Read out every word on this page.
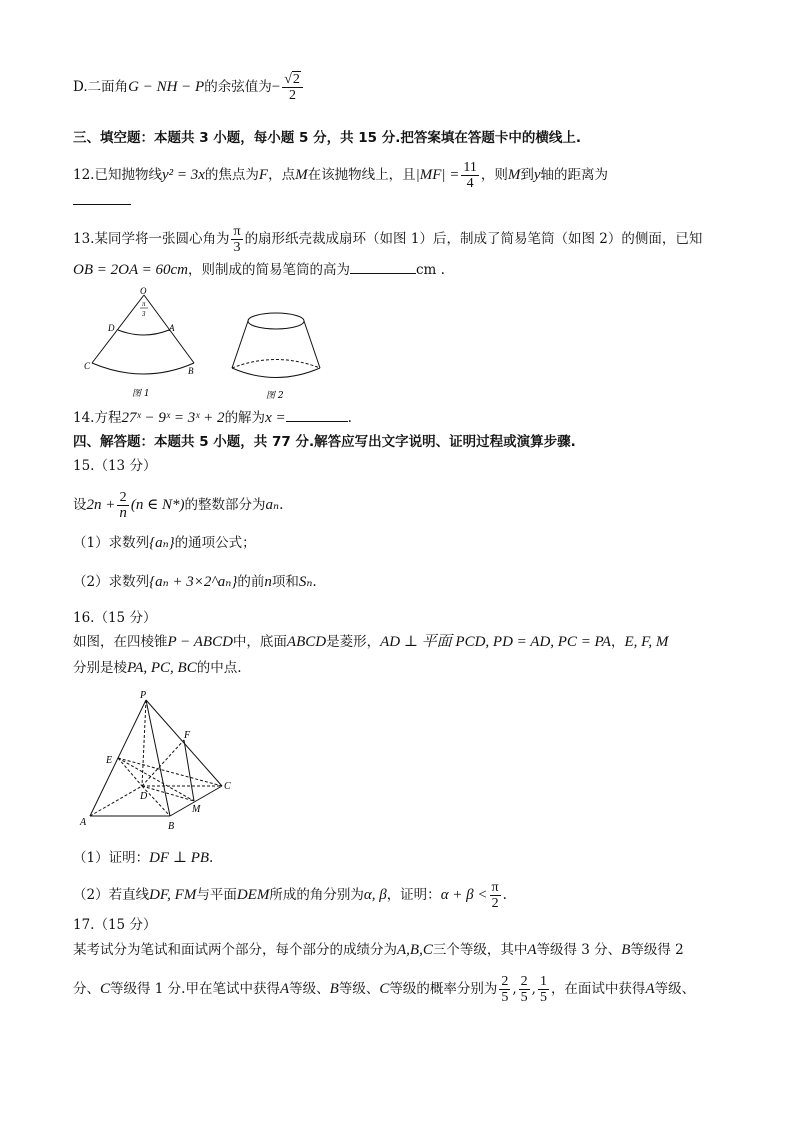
D.二面角G − NH − P的余弦值为− $\frac{√2}{2}$
三、填空题：本题共 3 小题，每小题 5 分，共 15 分.把答案填在答题卡中的横线上.
12.已知抛物线y² = 3x的焦点为F，点M在该抛物线上，且$|MF| = \frac{11}{4}$ ，则M到y轴的距离为
13.某同学将一张圆心角为 $\frac{\pi}{3}$ 的扇形纸壳裁成扇环（如图 1）后，制成了简易笔筒（如图 2）的侧面，已知
OB = 2OA = 60cm，则制成的简易笔筒的高为	cm .
O
π
3
D	A
C	B
图 1	图 2
14.方程27ˣ − 9ˣ = 3ˣ + 2的解为x =	.
四、解答题：本题共 5 小题，共 77 分.解答应写出文字说明、证明过程或演算步骤.
15.（13 分）
设$2n + \frac{2}{n} (n$ ∈ N*)的整数部分为aₙ.
（1）求数列{aₙ}的通项公式；
（2）求数列{aₙ + 3×2^aₙ}的前n项和Sₙ.
16.（15 分）
如图，在四棱锥P − ABCD中，底面ABCD是菱形，AD ⊥ 平面 PCD, PD = AD, PC = PA，E, F, M
分别是棱PA, PC, BC的中点.
P
F
E
D
C
M
A	B
（1）证明：DF ⊥ PB.
（2）若直线DF, FM与平面DEM所成的角分别为α, β，证明：$\alpha + \beta < \frac{\pi}{2}$ .
17.（15 分）
某考试分为笔试和面试两个部分，每个部分的成绩分为A,B,C三个等级，其中A等级得 3 分、B等级得 2
分、C等级得 1 分.甲在笔试中获得A等级、B等级、C等级的概率分别为 $\frac{2}{5}$ , $\frac{2}{5}$ , $\frac{1}{5}$ ，在面试中获得A等级、
